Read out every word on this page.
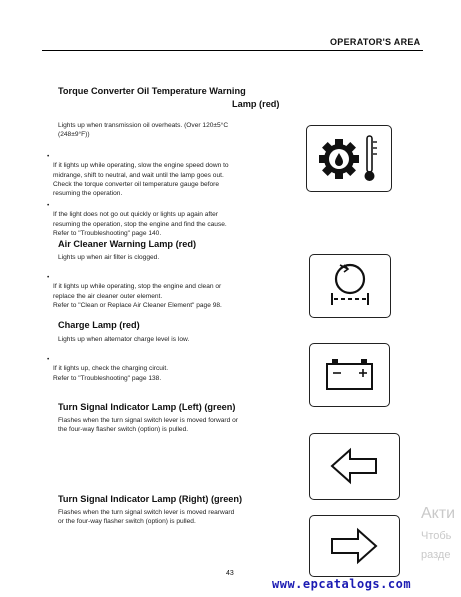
OPERATOR'S AREA
Torque Converter Oil Temperature Warning
Lamp (red)
Lights up when transmission oil overheats. (Over 120±5°C
(248±9°F))

•
If it lights up while operating, slow the engine speed down to
midrange, shift to neutral, and wait until the lamp goes out.
Check the torque converter oil temperature gauge before
resuming the operation.

•
If the light does not go out quickly or lights up again after
resuming the operation, stop the engine and find the cause.
Refer to "Troubleshooting" page 140.

Air Cleaner Warning Lamp (red)
Lights up when air filter is clogged.

•
If it lights up while operating, stop the engine and clean or
replace the air cleaner outer element.
Refer to "Clean or Replace Air Cleaner Element" page 98.

Charge Lamp (red)
Lights up when alternator charge level is low.

•
If it lights up, check the charging circuit.
Refer to "Troubleshooting" page 138.

Turn Signal Indicator Lamp (Left) (green)
Flashes when the turn signal switch lever is moved forward or
the four-way flasher switch (option) is pulled.
Turn Signal Indicator Lamp (Right) (green)
Flashes when the turn signal switch lever is moved rearward
or the four-way flasher switch (option) is pulled.
43
www.epcatalogs.com
Акти
Чтобь
разде
